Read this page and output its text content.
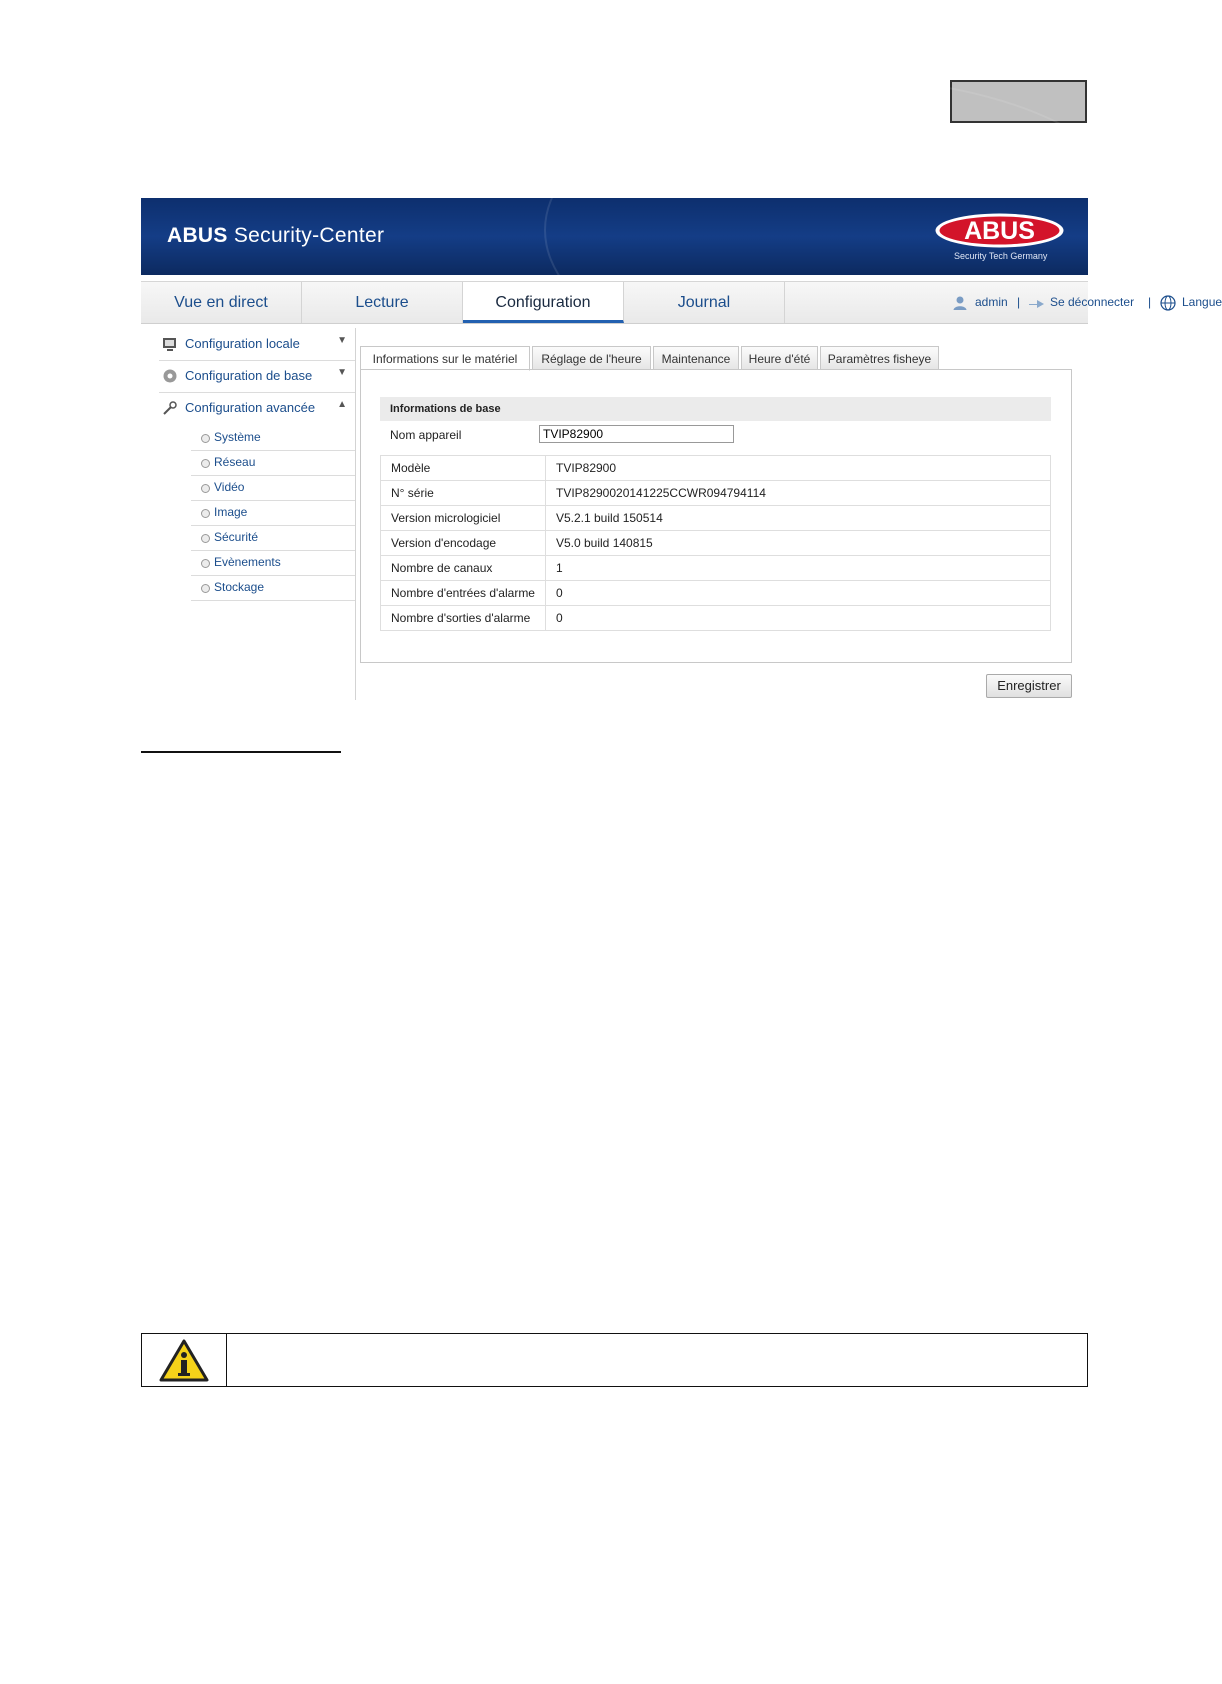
ABUS Security-Center	ABUS
Security Tech Germany
Vue en direct	Lecture	Configuration	Journal	admin | Se déconnecter |	Langue
Configuration locale	▼
Configuration de base ▼
Configuration avancée ▲
Système
Réseau
Vidéo
Image
Sécurité
Evènements
Stockage
Informations sur le matériel	Réglage de l'heure	Maintenance	Heure d'été	Paramètres fisheye
Informations de base
Nom appareil
TVIP82900
Modèle	TVIP82900
N° série	TVIP8290020141225CCWR094794114
Version micrologiciel	V5.2.1 build 150514
Version d'encodage	V5.0 build 140815
Nombre de canaux	1
Nombre d'entrées d'alarme	0
Nombre d'sorties d'alarme	0
Enregistrer
